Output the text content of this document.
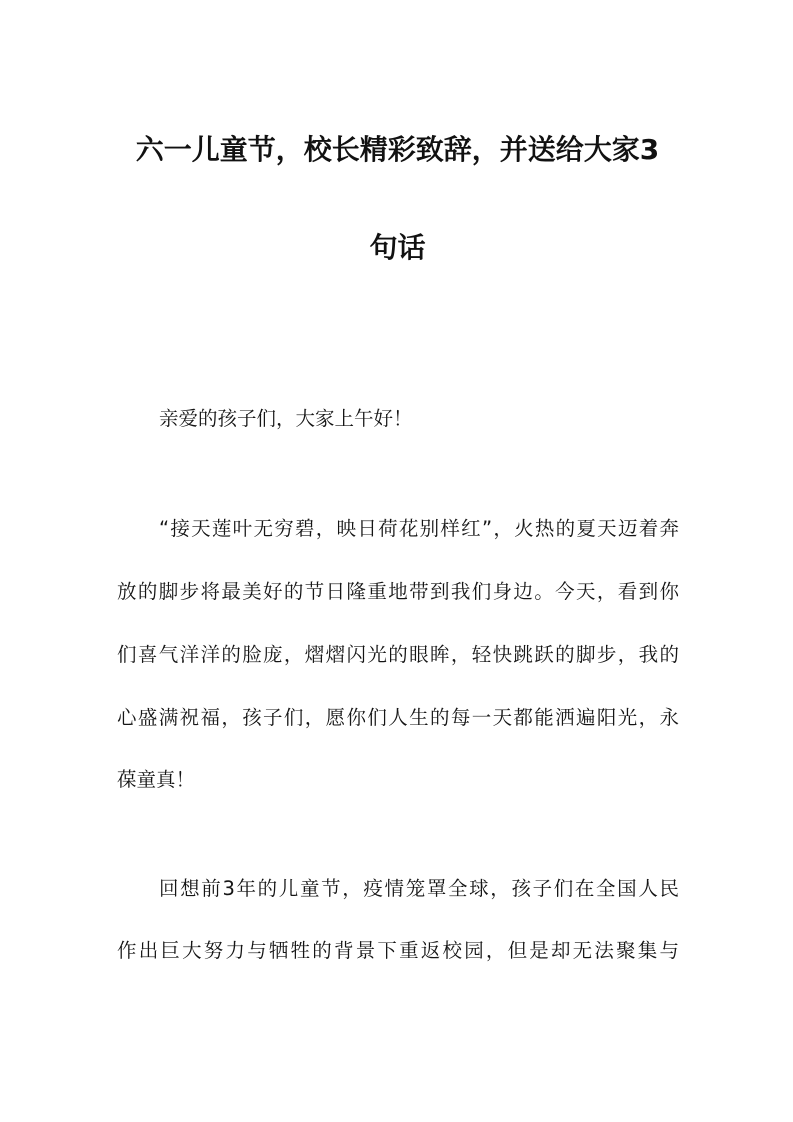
六一儿童节，校长精彩致辞，并送给大家3
句话
亲爱的孩子们，大家上午好！
“接天莲叶无穷碧，映日荷花别样红”，火热的夏天迈着奔
放的脚步将最美好的节日隆重地带到我们身边。今天，看到你
们喜气洋洋的脸庞，熠熠闪光的眼眸，轻快跳跃的脚步，我的
心盛满祝福，孩子们，愿你们人生的每一天都能洒遍阳光，永
葆童真！
回想前3年的儿童节，疫情笼罩全球，孩子们在全国人民
作出巨大努力与牺牲的背景下重返校园，但是却无法聚集与
